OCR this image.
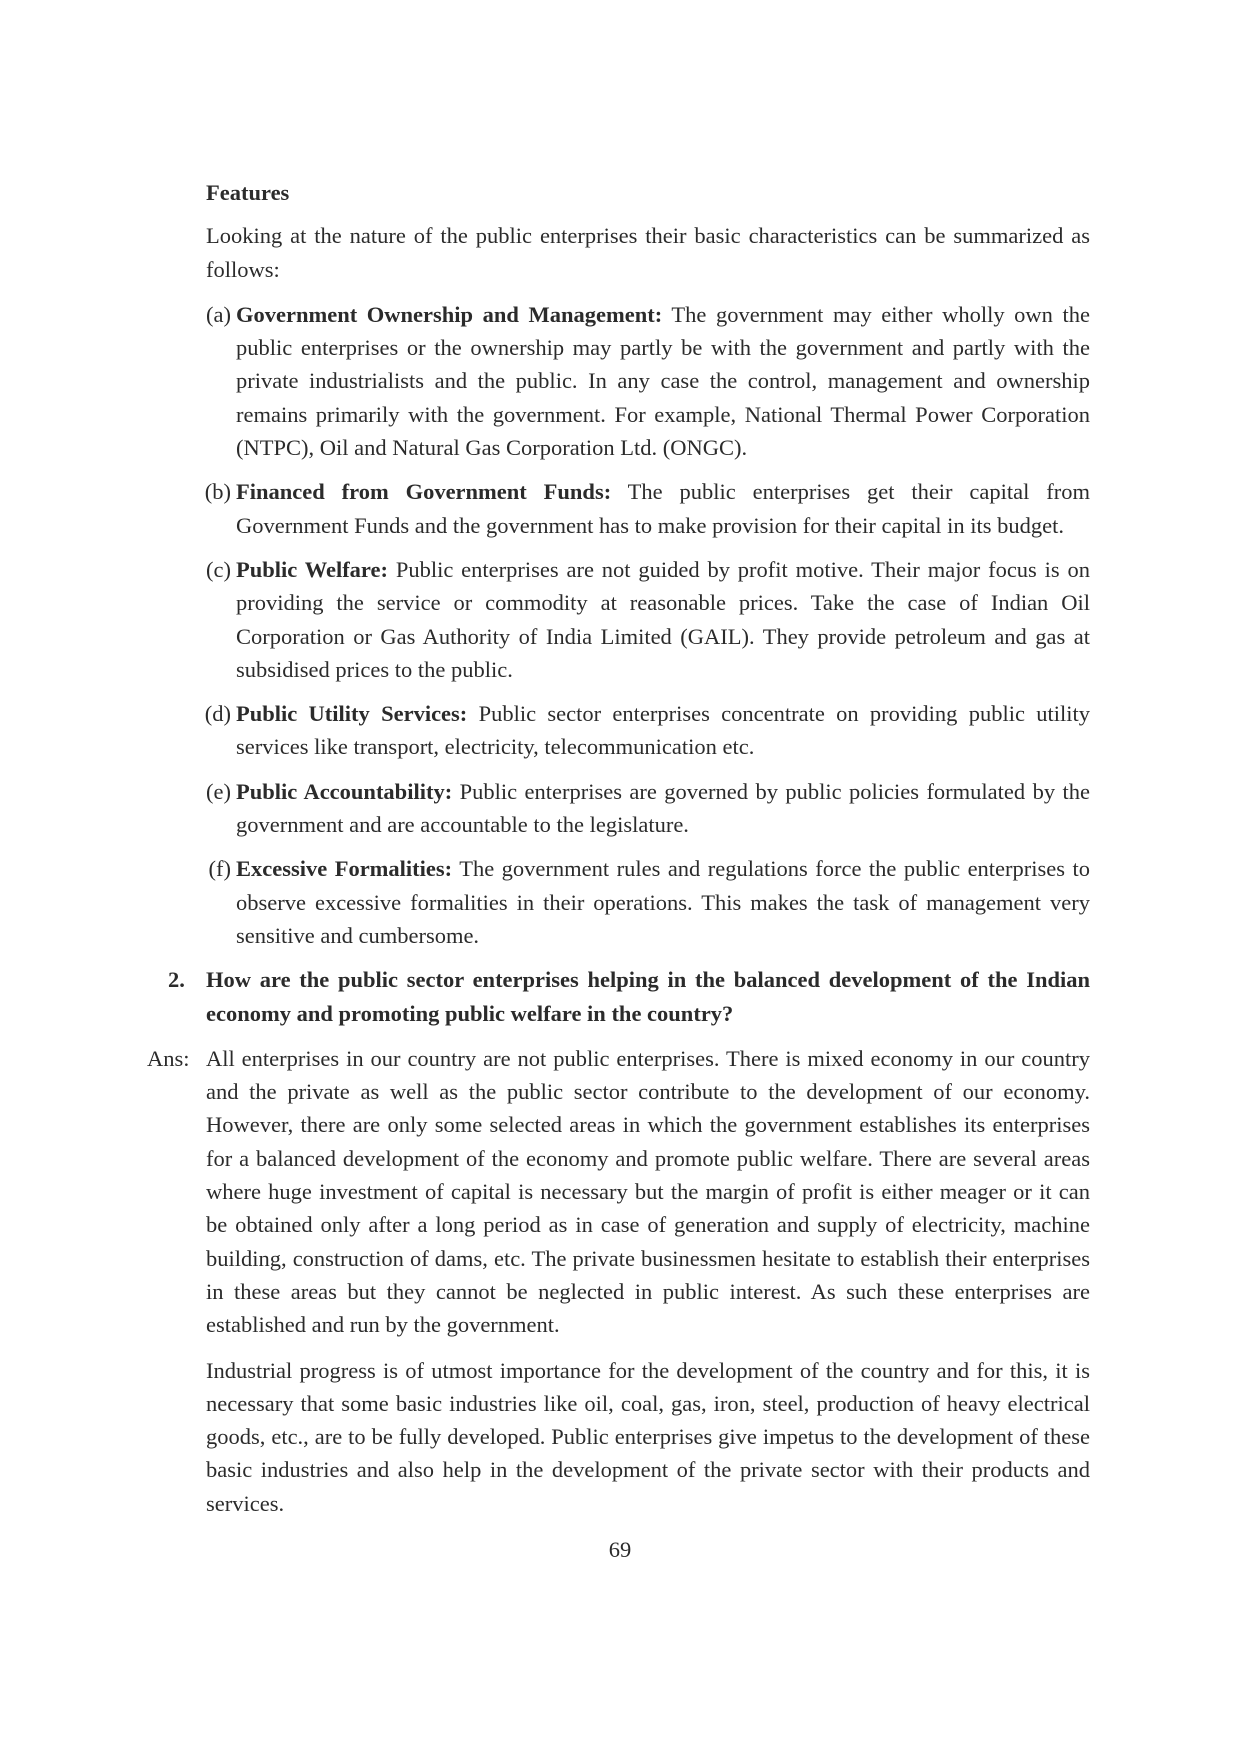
Features

Looking at the nature of the public enterprises their basic characteristics can be summarized as follows:

(a) Government Ownership and Management: The government may either wholly own the public enterprises or the ownership may partly be with the government and partly with the private industrialists and the public. In any case the control, management and ownership remains primarily with the government. For example, National Thermal Power Corporation (NTPC), Oil and Natural Gas Corporation Ltd. (ONGC).
(b) Financed from Government Funds: The public enterprises get their capital from Government Funds and the government has to make provision for their capital in its budget.
(c) Public Welfare: Public enterprises are not guided by profit motive. Their major focus is on providing the service or commodity at reasonable prices. Take the case of Indian Oil Corporation or Gas Authority of India Limited (GAIL). They provide petroleum and gas at subsidised prices to the public.
(d) Public Utility Services: Public sector enterprises concentrate on providing public utility services like transport, electricity, telecommunication etc.
(e) Public Accountability: Public enterprises are governed by public policies formulated by the government and are accountable to the legislature.
(f) Excessive Formalities: The government rules and regulations force the public enterprises to observe excessive formalities in their operations. This makes the task of management very sensitive and cumbersome.
2. How are the public sector enterprises helping in the balanced development of the Indian economy and promoting public welfare in the country?
Ans: All enterprises in our country are not public enterprises. There is mixed economy in our country and the private as well as the public sector contribute to the development of our economy. However, there are only some selected areas in which the government establishes its enterprises for a balanced development of the economy and promote public welfare. There are several areas where huge investment of capital is necessary but the margin of profit is either meager or it can be obtained only after a long period as in case of generation and supply of electricity, machine building, construction of dams, etc. The private businessmen hesitate to establish their enterprises in these areas but they cannot be neglected in public interest. As such these enterprises are established and run by the government.

Industrial progress is of utmost importance for the development of the country and for this, it is necessary that some basic industries like oil, coal, gas, iron, steel, production of heavy electrical goods, etc., are to be fully developed. Public enterprises give impetus to the development of these basic industries and also help in the development of the private sector with their products and services.

69
